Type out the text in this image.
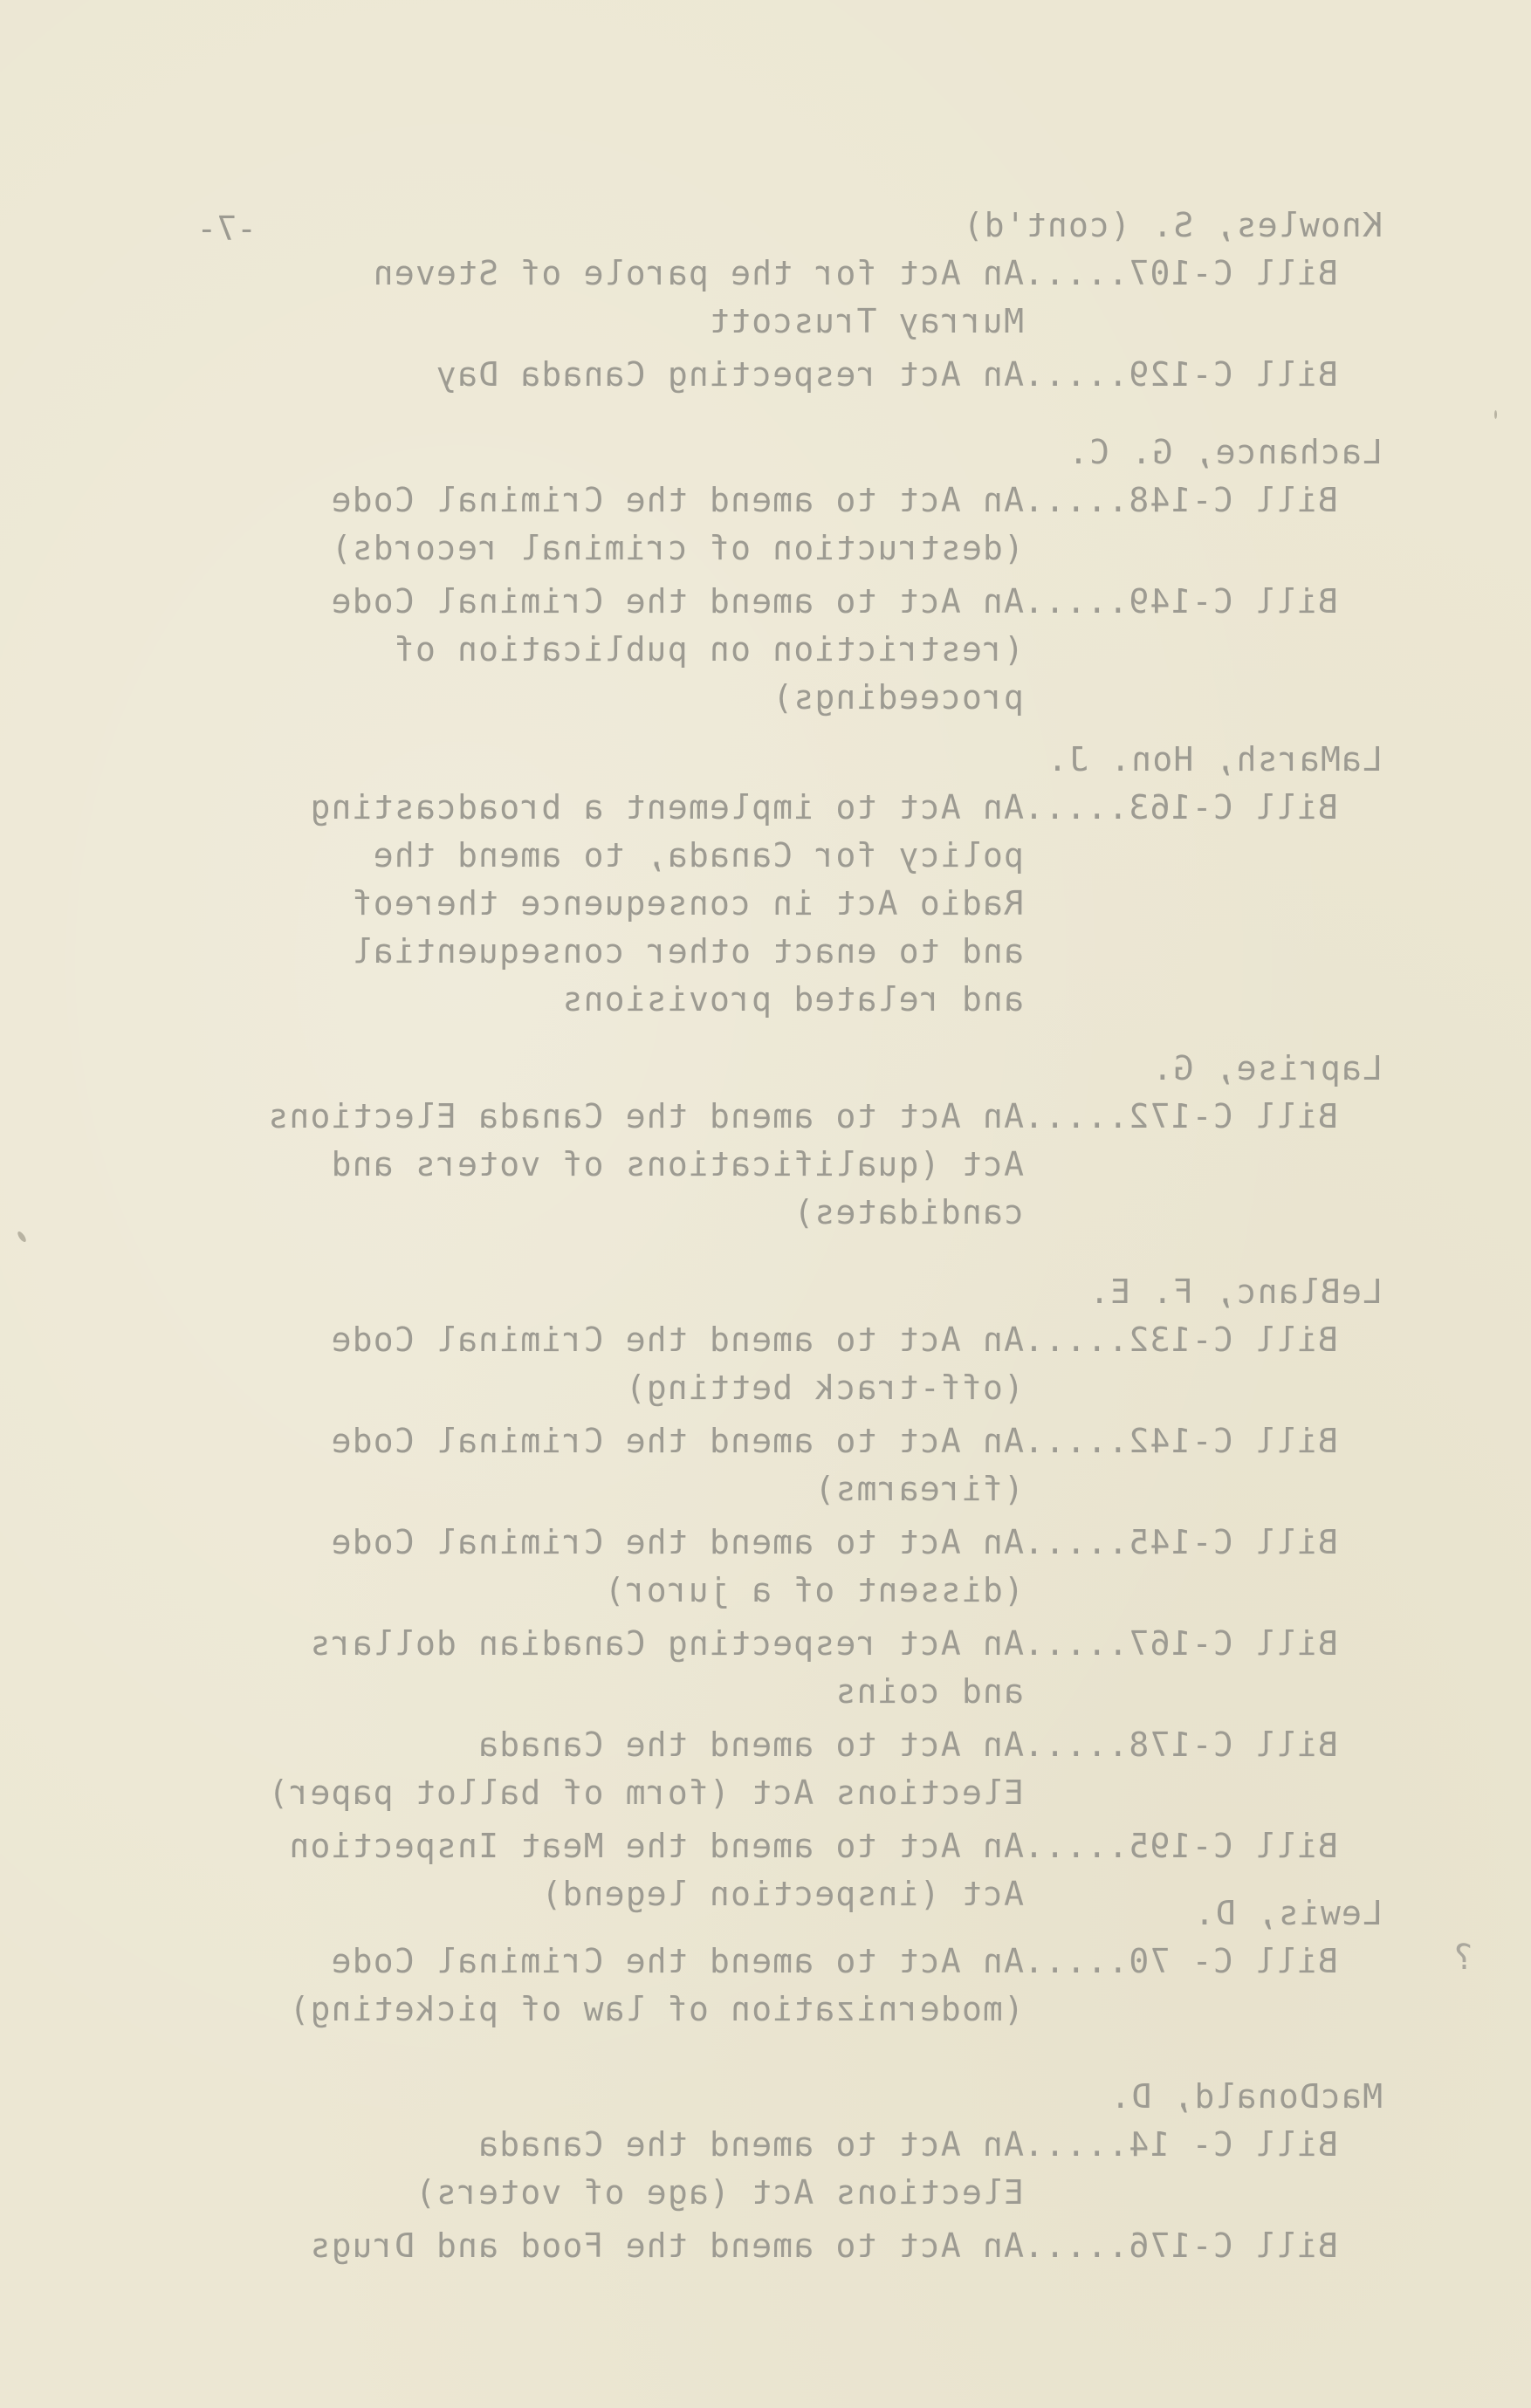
-7-
?
Knowles, S. (cont'd)
Bill C-107.....
An Act for the parole of Steven
Murray Truscott
Bill C-129.....
An Act respecting Canada Day
Lachance, G. C.
Bill C-148.....
An Act to amend the Criminal Code
(destruction of criminal records)
Bill C-149.....
An Act to amend the Criminal Code
(restriction on publication of
proceedings)
LaMarsh, Hon. J.
Bill C-163.....
An Act to implement a broadcasting
policy for Canada, to amend the
Radio Act in consequence thereof
and to enact other consequential
and related provisions
Laprise, G.
Bill C-172.....
An Act to amend the Canada Elections
Act (qualifications of voters and
candidates)
LeBlanc, F. E.
Bill C-132.....
An Act to amend the Criminal Code
(off-track betting)
Bill C-142.....
An Act to amend the Criminal Code
(firearms)
Bill C-145.....
An Act to amend the Criminal Code
(dissent of a juror)
Bill C-167.....
An Act respecting Canadian dollars
and coins
Bill C-178.....
An Act to amend the Canada
Elections Act (form of ballot paper)
Bill C-195.....
An Act to amend the Meat Inspection
Act (inspection legend)	Lewis, D.
Bill C- 70.....
An Act to amend the Criminal Code
(modernization of law of picketing)
MacDonald, D.
Bill C- 14.....
An Act to amend the Canada
Elections Act (age of voters)
Bill C-176.....
An Act to amend the Food and Drugs
